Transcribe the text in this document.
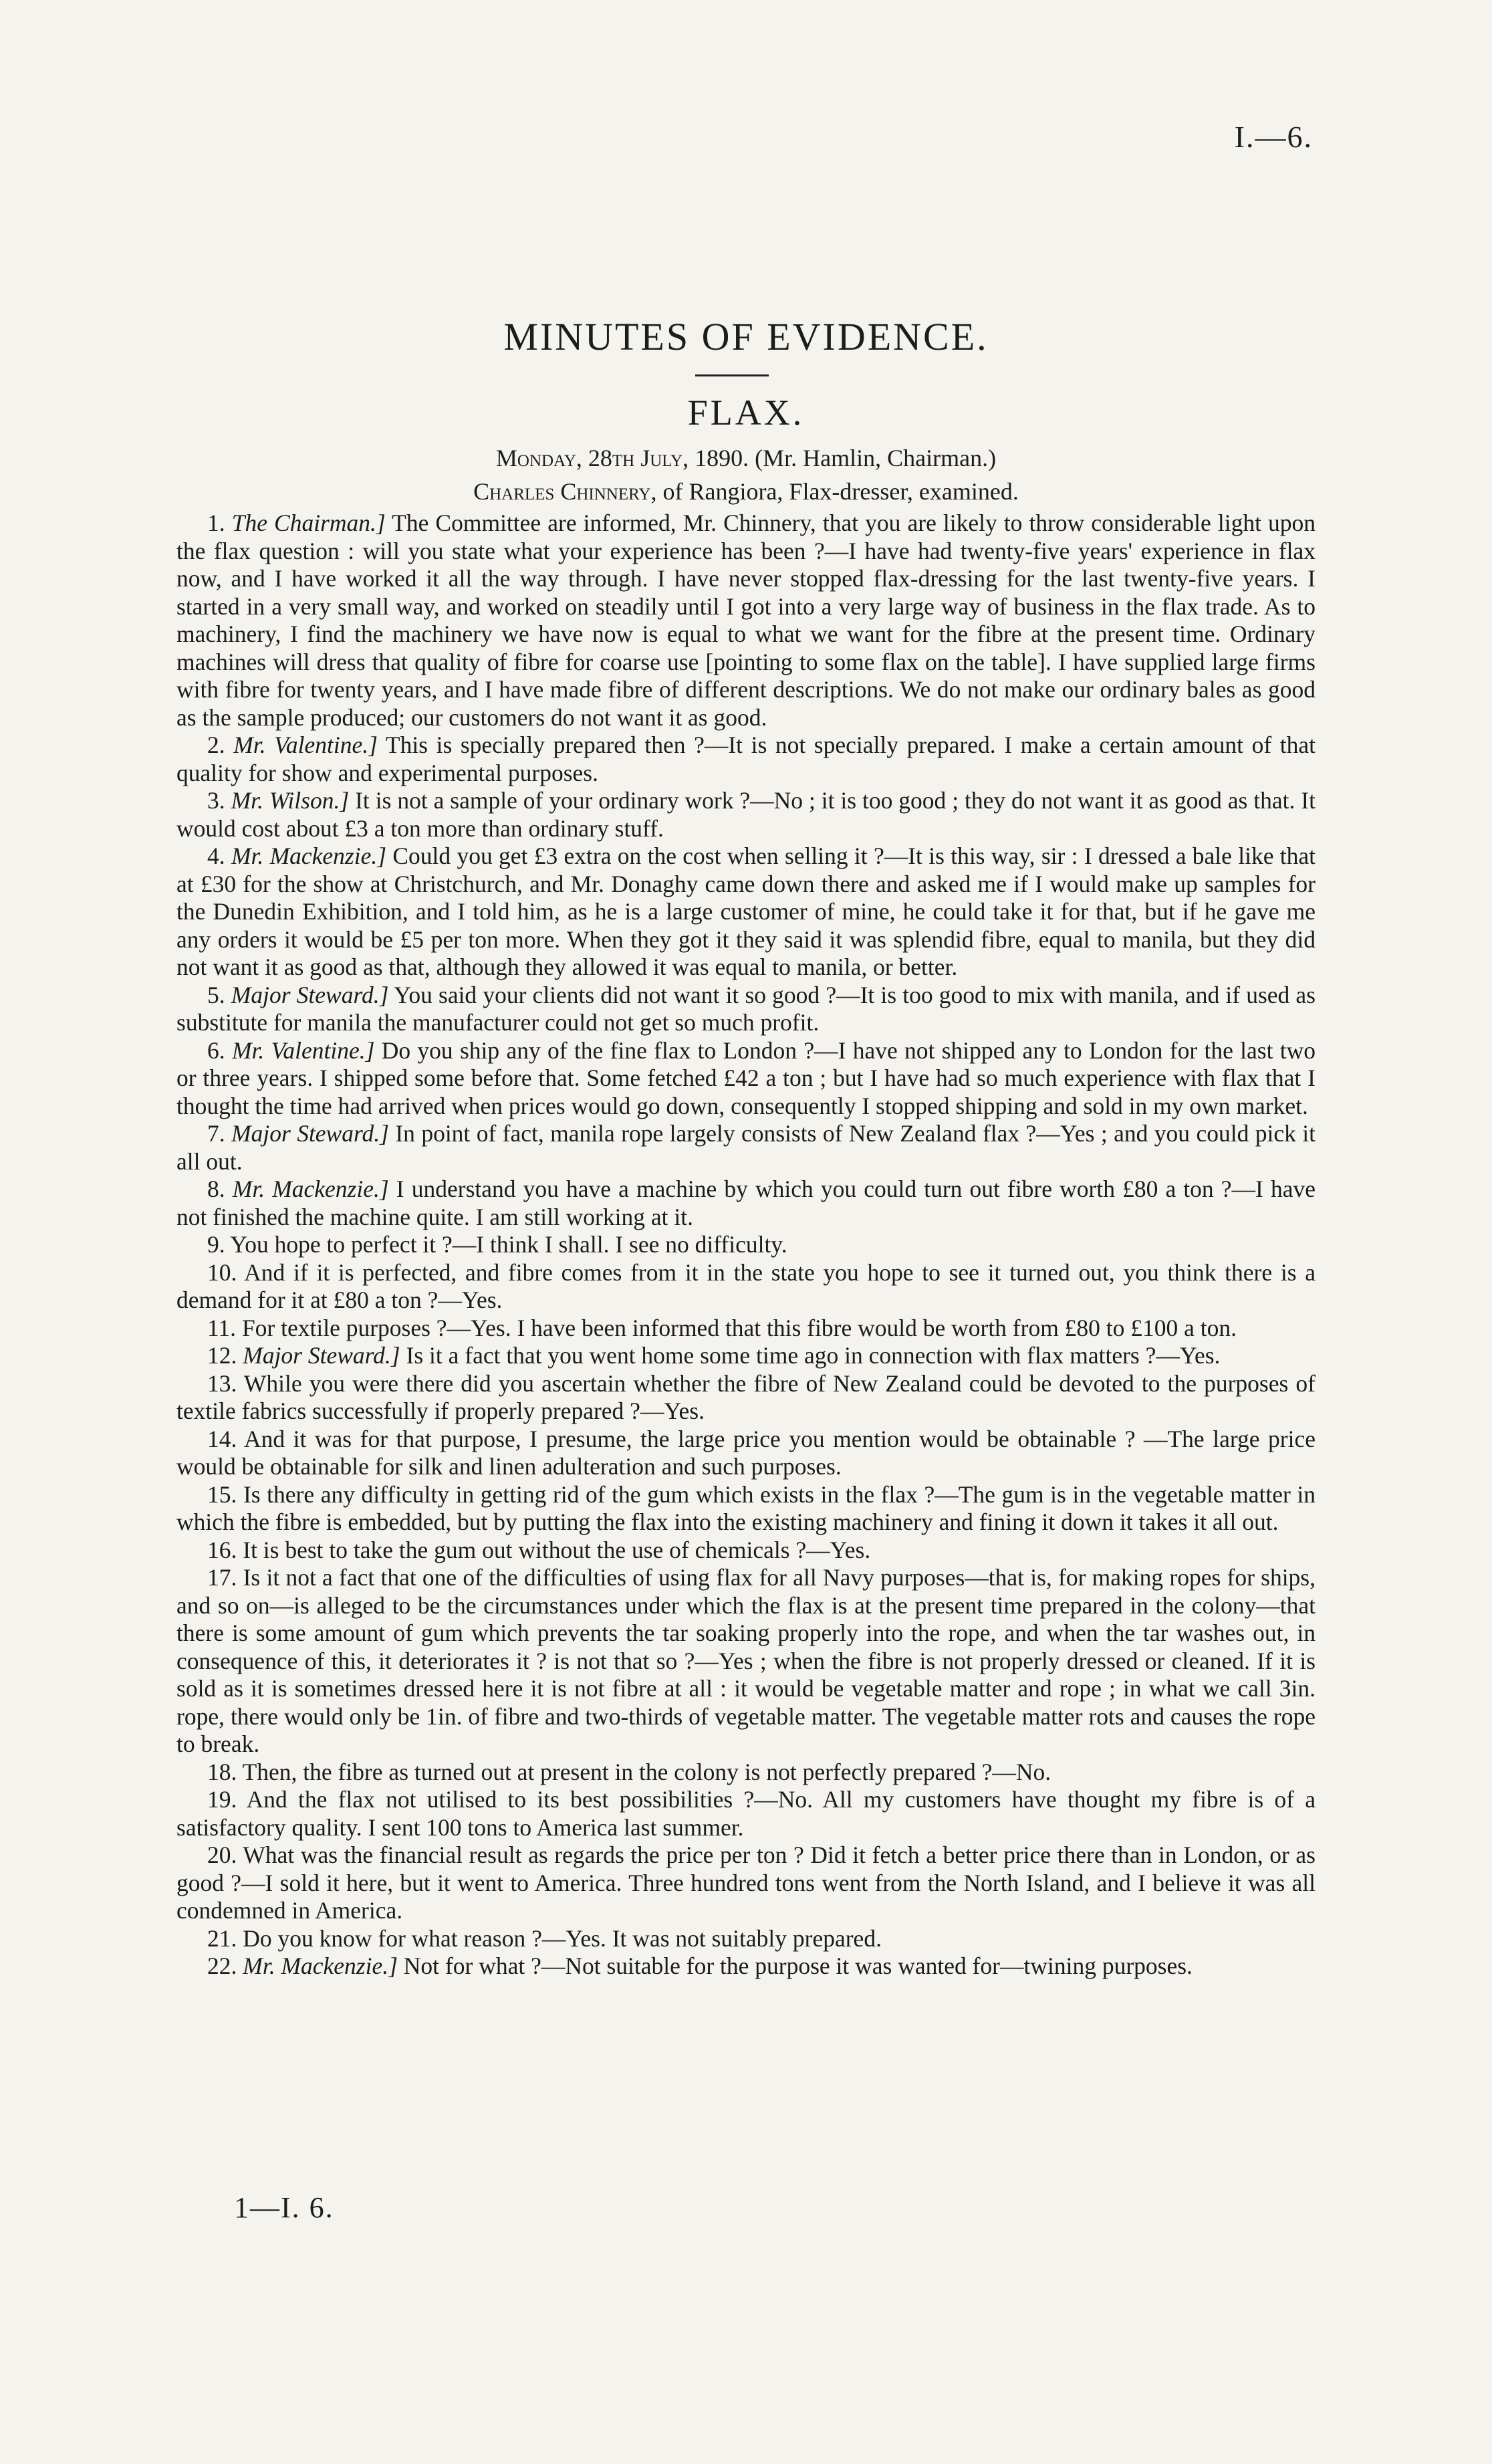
I.—6.
MINUTES OF EVIDENCE.
FLAX.
Monday, 28th July, 1890. (Mr. Hamlin, Chairman.)
Charles Chinnery, of Rangiora, Flax-dresser, examined.

1. The Chairman.] The Committee are informed, Mr. Chinnery, that you are likely to throw considerable light upon the flax question : will you state what your experience has been ?—I have had twenty-five years' experience in flax now, and I have worked it all the way through. I have never stopped flax-dressing for the last twenty-five years. I started in a very small way, and worked on steadily until I got into a very large way of business in the flax trade. As to machinery, I find the machinery we have now is equal to what we want for the fibre at the present time. Ordinary machines will dress that quality of fibre for coarse use [pointing to some flax on the table]. I have supplied large firms with fibre for twenty years, and I have made fibre of different descriptions. We do not make our ordinary bales as good as the sample produced; our customers do not want it as good.

2. Mr. Valentine.] This is specially prepared then ?—It is not specially prepared. I make a certain amount of that quality for show and experimental purposes.

3. Mr. Wilson.] It is not a sample of your ordinary work ?—No ; it is too good ; they do not want it as good as that. It would cost about £3 a ton more than ordinary stuff.

4. Mr. Mackenzie.] Could you get £3 extra on the cost when selling it ?—It is this way, sir : I dressed a bale like that at £30 for the show at Christchurch, and Mr. Donaghy came down there and asked me if I would make up samples for the Dunedin Exhibition, and I told him, as he is a large customer of mine, he could take it for that, but if he gave me any orders it would be £5 per ton more. When they got it they said it was splendid fibre, equal to manila, but they did not want it as good as that, although they allowed it was equal to manila, or better.

5. Major Steward.] You said your clients did not want it so good ?—It is too good to mix with manila, and if used as substitute for manila the manufacturer could not get so much profit.

6. Mr. Valentine.] Do you ship any of the fine flax to London ?—I have not shipped any to London for the last two or three years. I shipped some before that. Some fetched £42 a ton ; but I have had so much experience with flax that I thought the time had arrived when prices would go down, consequently I stopped shipping and sold in my own market.

7. Major Steward.] In point of fact, manila rope largely consists of New Zealand flax ?—Yes ; and you could pick it all out.

8. Mr. Mackenzie.] I understand you have a machine by which you could turn out fibre worth £80 a ton ?—I have not finished the machine quite. I am still working at it.

9. You hope to perfect it ?—I think I shall. I see no difficulty.

10. And if it is perfected, and fibre comes from it in the state you hope to see it turned out, you think there is a demand for it at £80 a ton ?—Yes.

11. For textile purposes ?—Yes. I have been informed that this fibre would be worth from £80 to £100 a ton.

12. Major Steward.] Is it a fact that you went home some time ago in connection with flax matters ?—Yes.

13. While you were there did you ascertain whether the fibre of New Zealand could be devoted to the purposes of textile fabrics successfully if properly prepared ?—Yes.

14. And it was for that purpose, I presume, the large price you mention would be obtainable ? —The large price would be obtainable for silk and linen adulteration and such purposes.

15. Is there any difficulty in getting rid of the gum which exists in the flax ?—The gum is in the vegetable matter in which the fibre is embedded, but by putting the flax into the existing machinery and fining it down it takes it all out.

16. It is best to take the gum out without the use of chemicals ?—Yes.

17. Is it not a fact that one of the difficulties of using flax for all Navy purposes—that is, for making ropes for ships, and so on—is alleged to be the circumstances under which the flax is at the present time prepared in the colony—that there is some amount of gum which prevents the tar soaking properly into the rope, and when the tar washes out, in consequence of this, it deteriorates it ? is not that so ?—Yes ; when the fibre is not properly dressed or cleaned. If it is sold as it is sometimes dressed here it is not fibre at all : it would be vegetable matter and rope ; in what we call 3in. rope, there would only be 1in. of fibre and two-thirds of vegetable matter. The vegetable matter rots and causes the rope to break.

18. Then, the fibre as turned out at present in the colony is not perfectly prepared ?—No.

19. And the flax not utilised to its best possibilities ?—No. All my customers have thought my fibre is of a satisfactory quality. I sent 100 tons to America last summer.

20. What was the financial result as regards the price per ton ? Did it fetch a better price there than in London, or as good ?—I sold it here, but it went to America. Three hundred tons went from the North Island, and I believe it was all condemned in America.

21. Do you know for what reason ?—Yes. It was not suitably prepared.

22. Mr. Mackenzie.] Not for what ?—Not suitable for the purpose it was wanted for—twining purposes.

1—I. 6.
